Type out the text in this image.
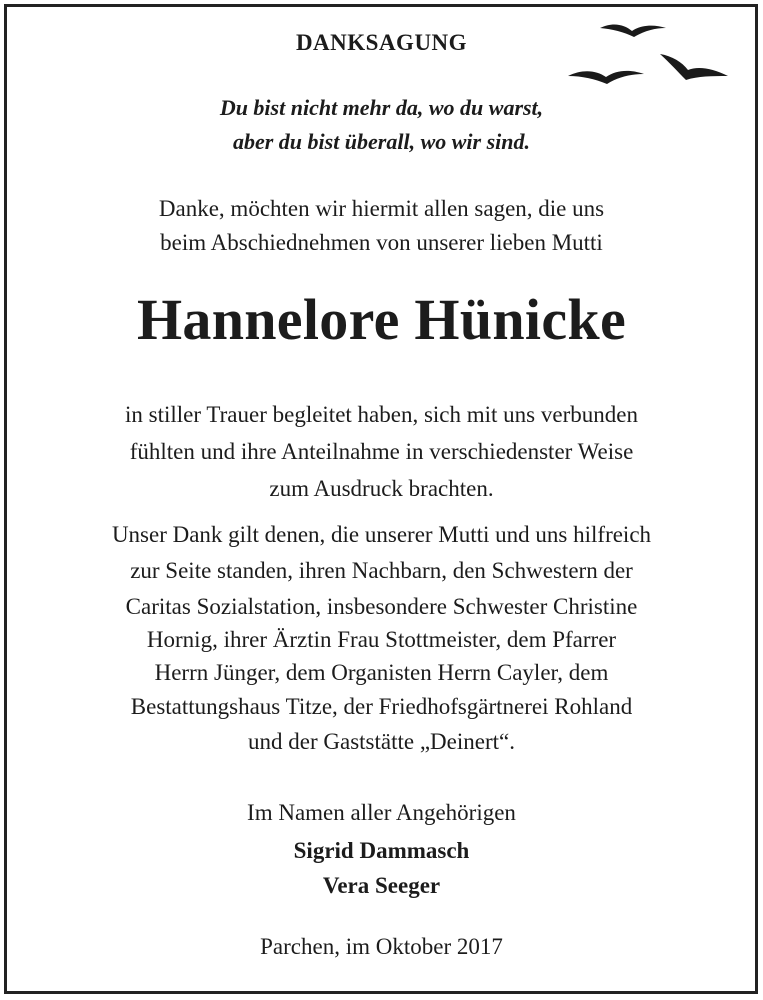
DANKSAGUNG
Du bist nicht mehr da, wo du warst,
aber du bist überall, wo wir sind.
Danke, möchten wir hiermit allen sagen, die uns
beim Abschiednehmen von unserer lieben Mutti
Hannelore Hünicke
in stiller Trauer begleitet haben, sich mit uns verbunden
fühlten und ihre Anteilnahme in verschiedenster Weise
zum Ausdruck brachten.
Unser Dank gilt denen, die unserer Mutti und uns hilfreich
zur Seite standen, ihren Nachbarn, den Schwestern der
Caritas Sozialstation, insbesondere Schwester Christine
Hornig, ihrer Ärztin Frau Stottmeister, dem Pfarrer
Herrn Jünger, dem Organisten Herrn Cayler, dem
Bestattungshaus Titze, der Friedhofsgärtnerei Rohland
und der Gaststätte „Deinert“.
Im Namen aller Angehörigen
Sigrid Dammasch
Vera Seeger
Parchen, im Oktober 2017
